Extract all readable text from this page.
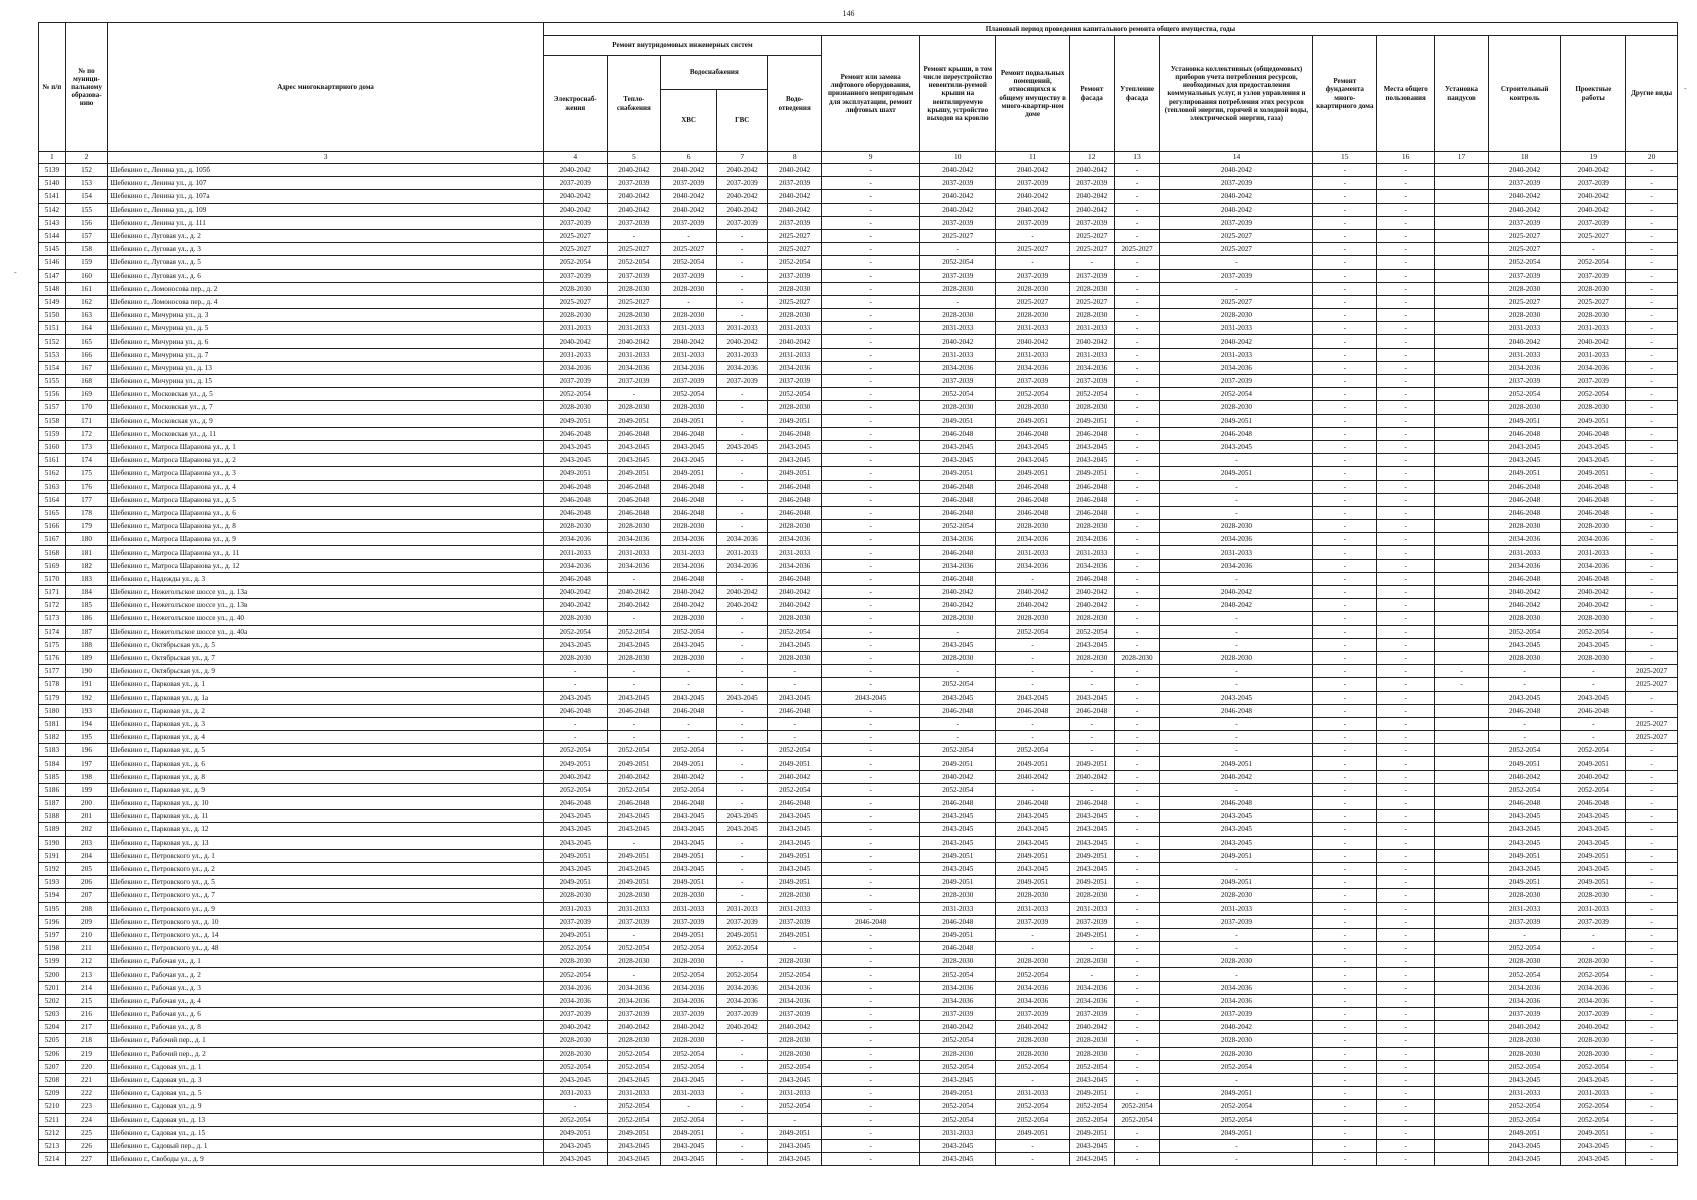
146
№ п/п	№ по муници-пальному образова-нию	Адрес многоквартирного дома	Плановый период проведения капитального ремонта общего имущества, годы																
			Ремонт внутридомовых инженерных систем					Ремонт или замена лифтового оборудования, признанного непригодным для эксплуатации, ремонт лифтовых шахт	Ремонт крыши, в том числе переустройство невентили-руемой крыши на вентилируемую крышу, устройство выходов на кровлю	Ремонт подвальных помещений, относящихся к общему имуществу в много-квартир-ном доме	Ремонт фасада	Утепление фасада	Установка коллективных (общедомовых) приборов учета потребления ресурсов, необходимых для предоставления коммунальных услуг, и узлов управления и регулирования потребления этих ресурсов (тепловой энергии, горячей и холодной воды, электрической энергии, газа)	Ремонт фундамента много-квартирного дома	Места общего пользования	Установка пандусов	Строительный контроль	Проектные работы	Другие виды
			Электроснаб-жения	Тепло-снабжения	Водоснабжения		Водо-отведения												
					ХВС	ГВС													
1	2	3	4	5	6	7	8	9	10	11	12	13	14	15	16	17	18	19	20
5139	152	Шебекино г., Ленина ул., д. 105б	2040-2042	2040-2042	2040-2042	2040-2042	2040-2042	-	2040-2042	2040-2042	2040-2042	-	2040-2042	-	-		2040-2042	2040-2042	-
5140	153	Шебекино г., Ленина ул., д. 107	2037-2039	2037-2039	2037-2039	2037-2039	2037-2039	-	2037-2039	2037-2039	2037-2039	-	2037-2039	-	-		2037-2039	2037-2039	-
5141	154	Шебекино г., Ленина ул., д. 107а	2040-2042	2040-2042	2040-2042	2040-2042	2040-2042	-	2040-2042	2040-2042	2040-2042	-	2040-2042	-	-		2040-2042	2040-2042	-
5142	155	Шебекино г., Ленина ул., д. 109	2040-2042	2040-2042	2040-2042	2040-2042	2040-2042	-	2040-2042	2040-2042	2040-2042	-	2040-2042	-	-		2040-2042	2040-2042	-
5143	156	Шебекино г., Ленина ул., д. 111	2037-2039	2037-2039	2037-2039	2037-2039	2037-2039	-	2037-2039	2037-2039	2037-2039	-	2037-2039	-	-		2037-2039	2037-2039	-
5144	157	Шебекино г., Луговая ул., д. 2	2025-2027	-	-	-	2025-2027	-	2025-2027	-	2025-2027	-	2025-2027	-	-		2025-2027	2025-2027	-
5145	158	Шебекино г., Луговая ул., д. 3	2025-2027	2025-2027	2025-2027	-	2025-2027	-	-	2025-2027	2025-2027	2025-2027	2025-2027	-	-		2025-2027	-	-
5146	159	Шебекино г., Луговая ул., д. 5	2052-2054	2052-2054	2052-2054	-	2052-2054	-	2052-2054	-	-	-	-	-	-		2052-2054	2052-2054	-
5147	160	Шебекино г., Луговая ул., д. 6	2037-2039	2037-2039	2037-2039	-	2037-2039	-	2037-2039	2037-2039	2037-2039	-	2037-2039	-	-		2037-2039	2037-2039	-
5148	161	Шебекино г., Ломоносова пер., д. 2	2028-2030	2028-2030	2028-2030	-	2028-2030	-	2028-2030	2028-2030	2028-2030	-	-	-	-		2028-2030	2028-2030	-
5149	162	Шебекино г., Ломоносова пер., д. 4	2025-2027	2025-2027	-	-	2025-2027	-	-	2025-2027	2025-2027	-	2025-2027	-	-		2025-2027	2025-2027	-
5150	163	Шебекино г., Мичурина ул., д. 3	2028-2030	2028-2030	2028-2030	-	2028-2030	-	2028-2030	2028-2030	2028-2030	-	2028-2030	-	-		2028-2030	2028-2030	-
5151	164	Шебекино г., Мичурина ул., д. 5	2031-2033	2031-2033	2031-2033	2031-2033	2031-2033	-	2031-2033	2031-2033	2031-2033	-	2031-2033	-	-		2031-2033	2031-2033	-
5152	165	Шебекино г., Мичурина ул., д. 6	2040-2042	2040-2042	2040-2042	2040-2042	2040-2042	-	2040-2042	2040-2042	2040-2042	-	2040-2042	-	-		2040-2042	2040-2042	-
5153	166	Шебекино г., Мичурина ул., д. 7	2031-2033	2031-2033	2031-2033	2031-2033	2031-2033	-	2031-2033	2031-2033	2031-2033	-	2031-2033	-	-		2031-2033	2031-2033	-
5154	167	Шебекино г., Мичурина ул., д. 13	2034-2036	2034-2036	2034-2036	2034-2036	2034-2036	-	2034-2036	2034-2036	2034-2036	-	2034-2036	-	-		2034-2036	2034-2036	-
5155	168	Шебекино г., Мичурина ул., д. 15	2037-2039	2037-2039	2037-2039	2037-2039	2037-2039	-	2037-2039	2037-2039	2037-2039	-	2037-2039	-	-		2037-2039	2037-2039	-
5156	169	Шебекино г., Московская ул., д. 5	2052-2054	-	2052-2054	-	2052-2054	-	2052-2054	2052-2054	2052-2054	-	2052-2054	-	-		2052-2054	2052-2054	-
5157	170	Шебекино г., Московская ул., д. 7	2028-2030	2028-2030	2028-2030	-	2028-2030	-	2028-2030	2028-2030	2028-2030	-	2028-2030	-	-		2028-2030	2028-2030	-
5158	171	Шебекино г., Московская ул., д. 9	2049-2051	2049-2051	2049-2051	-	2049-2051	-	2049-2051	2049-2051	2049-2051	-	2049-2051	-	-		2049-2051	2049-2051	-
5159	172	Шебекино г., Московская ул., д. 11	2046-2048	2046-2048	2046-2048	-	2046-2048	-	2046-2048	2046-2048	2046-2048	-	2046-2048	-	-		2046-2048	2046-2048	-
5160	173	Шебекино г., Матроса Шаранова ул., д. 1	2043-2045	2043-2045	2043-2045	2043-2045	2043-2045	-	2043-2045	2043-2045	2043-2045	-	2043-2045	-	-		2043-2045	2043-2045	-
5161	174	Шебекино г., Матроса Шаранова ул., д. 2	2043-2045	2043-2045	2043-2045	-	2043-2045	-	2043-2045	2043-2045	2043-2045	-	-	-	-		2043-2045	2043-2045	-
5162	175	Шебекино г., Матроса Шаранова ул., д. 3	2049-2051	2049-2051	2049-2051	-	2049-2051	-	2049-2051	2049-2051	2049-2051	-	2049-2051	-	-		2049-2051	2049-2051	-
5163	176	Шебекино г., Матроса Шаранова ул., д. 4	2046-2048	2046-2048	2046-2048	-	2046-2048	-	2046-2048	2046-2048	2046-2048	-	-	-	-		2046-2048	2046-2048	-
5164	177	Шебекино г., Матроса Шаранова ул., д. 5	2046-2048	2046-2048	2046-2048	-	2046-2048	-	2046-2048	2046-2048	2046-2048	-	-	-	-		2046-2048	2046-2048	-
5165	178	Шебекино г., Матроса Шаранова ул., д. 6	2046-2048	2046-2048	2046-2048	-	2046-2048	-	2046-2048	2046-2048	2046-2048	-	-	-	-		2046-2048	2046-2048	-
5166	179	Шебекино г., Матроса Шаранова ул., д. 8	2028-2030	2028-2030	2028-2030	-	2028-2030	-	2052-2054	2028-2030	2028-2030	-	2028-2030	-	-		2028-2030	2028-2030	-
5167	180	Шебекино г., Матроса Шаранова ул., д. 9	2034-2036	2034-2036	2034-2036	2034-2036	2034-2036	-	2034-2036	2034-2036	2034-2036	-	2034-2036	-	-		2034-2036	2034-2036	-
5168	181	Шебекино г., Матроса Шаранова ул., д. 11	2031-2033	2031-2033	2031-2033	2031-2033	2031-2033	-	2046-2048	2031-2033	2031-2033	-	2031-2033	-	-		2031-2033	2031-2033	-
5169	182	Шебекино г., Матроса Шаранова ул., д. 12	2034-2036	2034-2036	2034-2036	2034-2036	2034-2036	-	2034-2036	2034-2036	2034-2036	-	2034-2036	-	-		2034-2036	2034-2036	-
5170	183	Шебекино г., Надежды ул., д. 3	2046-2048	-	2046-2048	-	2046-2048	-	2046-2048	-	2046-2048	-	-	-	-		2046-2048	2046-2048	-
5171	184	Шебекино г., Нежеголъское шоссе ул., д. 13а	2040-2042	2040-2042	2040-2042	2040-2042	2040-2042	-	2040-2042	2040-2042	2040-2042	-	2040-2042	-	-		2040-2042	2040-2042	-
5172	185	Шебекино г., Нежеголъское шоссе ул., д. 13в	2040-2042	2040-2042	2040-2042	2040-2042	2040-2042	-	2040-2042	2040-2042	2040-2042	-	2040-2042	-	-		2040-2042	2040-2042	-
5173	186	Шебекино г., Нежеголъское шоссе ул., д. 40	2028-2030	-	2028-2030	-	2028-2030	-	2028-2030	2028-2030	2028-2030	-	-	-	-		2028-2030	2028-2030	-
5174	187	Шебекино г., Нежеголъское шоссе ул., д. 40а	2052-2054	2052-2054	2052-2054	-	2052-2054	-	-	2052-2054	2052-2054	-	-	-	-		2052-2054	2052-2054	-
5175	188	Шебекино г., Октябрьская ул., д. 5	2043-2045	2043-2045	2043-2045	-	2043-2045	-	2043-2045	-	2043-2045	-	-	-	-		2043-2045	2043-2045	-
5176	189	Шебекино г., Октябрьская ул., д. 7	2028-2030	2028-2030	2028-2030	-	2028-2030	-	2028-2030	-	2028-2030	2028-2030	2028-2030	-	-		2028-2030	2028-2030	-
5177	190	Шебекино г., Октябрьская ул., д. 9	-	-	-	-	-	-	-	-	-	-	-	-	-	-	-	-	2025-2027
5178	191	Шебекино г., Парковая ул., д. 1	-	-	-	-	-	-	2052-2054	-	-	-	-	-	-	-	-	-	2025-2027
5179	192	Шебекино г., Парковая ул., д. 1а	2043-2045	2043-2045	2043-2045	2043-2045	2043-2045	2043-2045	2043-2045	2043-2045	2043-2045	-	2043-2045	-	-		2043-2045	2043-2045	-
5180	193	Шебекино г., Парковая ул., д. 2	2046-2048	2046-2048	2046-2048	-	2046-2048	-	2046-2048	2046-2048	2046-2048	-	2046-2048	-	-		2046-2048	2046-2048	-
5181	194	Шебекино г., Парковая ул., д. 3	-	-	-	-	-	-	-	-	-	-	-	-	-		-	-	2025-2027
5182	195	Шебекино г., Парковая ул., д. 4	-	-	-	-	-	-	-	-	-	-	-	-	-		-	-	2025-2027
5183	196	Шебекино г., Парковая ул., д. 5	2052-2054	2052-2054	2052-2054	-	2052-2054	-	2052-2054	2052-2054	-	-	-	-	-		2052-2054	2052-2054	-
5184	197	Шебекино г., Парковая ул., д. 6	2049-2051	2049-2051	2049-2051	-	2049-2051	-	2049-2051	2049-2051	2049-2051	-	2049-2051	-	-		2049-2051	2049-2051	-
5185	198	Шебекино г., Парковая ул., д. 8	2040-2042	2040-2042	2040-2042	-	2040-2042	-	2040-2042	2040-2042	2040-2042	-	2040-2042	-	-		2040-2042	2040-2042	-
5186	199	Шебекино г., Парковая ул., д. 9	2052-2054	2052-2054	2052-2054	-	2052-2054	-	2052-2054	-	-	-	-	-	-		2052-2054	2052-2054	-
5187	200	Шебекино г., Парковая ул., д. 10	2046-2048	2046-2048	2046-2048	-	2046-2048	-	2046-2048	2046-2048	2046-2048	-	2046-2048	-	-		2046-2048	2046-2048	-
5188	201	Шебекино г., Парковая ул., д. 11	2043-2045	2043-2045	2043-2045	2043-2045	2043-2045	-	2043-2045	2043-2045	2043-2045	-	2043-2045	-	-		2043-2045	2043-2045	-
5189	202	Шебекино г., Парковая ул., д. 12	2043-2045	2043-2045	2043-2045	2043-2045	2043-2045	-	2043-2045	2043-2045	2043-2045	-	2043-2045	-	-		2043-2045	2043-2045	-
5190	203	Шебекино г., Парковая ул., д. 13	2043-2045	-	2043-2045	-	2043-2045	-	2043-2045	2043-2045	2043-2045	-	2043-2045	-	-		2043-2045	2043-2045	-
5191	204	Шебекино г., Петровского ул., д. 1	2049-2051	2049-2051	2049-2051	-	2049-2051	-	2049-2051	2049-2051	2049-2051	-	2049-2051	-	-		2049-2051	2049-2051	-
5192	205	Шебекино г., Петровского ул., д. 2	2043-2045	2043-2045	2043-2045	-	2043-2045	-	2043-2045	2043-2045	2043-2045	-	-	-	-		2043-2045	2043-2045	-
5193	206	Шебекино г., Петровского ул., д. 5	2049-2051	2049-2051	2049-2051	-	2049-2051	-	2049-2051	2049-2051	2049-2051	-	2049-2051	-	-		2049-2051	2049-2051	-
5194	207	Шебекино г., Петровского ул., д. 7	2028-2030	2028-2030	2028-2030	-	2028-2030	-	2028-2030	2028-2030	2028-2030	-	2028-2030	-	-		2028-2030	2028-2030	-
5195	208	Шебекино г., Петровского ул., д. 9	2031-2033	2031-2033	2031-2033	2031-2033	2031-2033	-	2031-2033	2031-2033	2031-2033	-	2031-2033	-	-		2031-2033	2031-2033	-
5196	209	Шебекино г., Петровского ул., д. 10	2037-2039	2037-2039	2037-2039	2037-2039	2037-2039	2046-2048	2046-2048	2037-2039	2037-2039	-	2037-2039	-	-		2037-2039	2037-2039	-
5197	210	Шебекино г., Петровского ул., д. 14	2049-2051	-	2049-2051	2049-2051	2049-2051	-	2049-2051	-	2049-2051	-	-	-	-		-	-	-
5198	211	Шебекино г., Петровского ул., д. 48	2052-2054	2052-2054	2052-2054	2052-2054	-	-	2046-2048	-	-	-	-	-	-		2052-2054	-	-
5199	212	Шебекино г., Рабочая ул., д. 1	2028-2030	2028-2030	2028-2030	-	2028-2030	-	2028-2030	2028-2030	2028-2030	-	2028-2030	-	-		2028-2030	2028-2030	-
5200	213	Шебекино г., Рабочая ул., д. 2	2052-2054	-	2052-2054	2052-2054	2052-2054	-	2052-2054	2052-2054	-	-	-	-	-		2052-2054	2052-2054	-
5201	214	Шебекино г., Рабочая ул., д. 3	2034-2036	2034-2036	2034-2036	2034-2036	2034-2036	-	2034-2036	2034-2036	2034-2036	-	2034-2036	-	-		2034-2036	2034-2036	-
5202	215	Шебекино г., Рабочая ул., д. 4	2034-2036	2034-2036	2034-2036	2034-2036	2034-2036	-	2034-2036	2034-2036	2034-2036	-	2034-2036	-	-		2034-2036	2034-2036	-
5203	216	Шебекино г., Рабочая ул., д. 6	2037-2039	2037-2039	2037-2039	2037-2039	2037-2039	-	2037-2039	2037-2039	2037-2039	-	2037-2039	-	-		2037-2039	2037-2039	-
5204	217	Шебекино г., Рабочая ул., д. 8	2040-2042	2040-2042	2040-2042	2040-2042	2040-2042	-	2040-2042	2040-2042	2040-2042	-	2040-2042	-	-		2040-2042	2040-2042	-
5205	218	Шебекино г., Рабочий пер., д. 1	2028-2030	2028-2030	2028-2030	-	2028-2030	-	2052-2054	2028-2030	2028-2030	-	2028-2030	-	-		2028-2030	2028-2030	-
5206	219	Шебекино г., Рабочий пер., д. 2	2028-2030	2052-2054	2052-2054	-	2028-2030	-	2028-2030	2028-2030	2028-2030	-	2028-2030	-	-		2028-2030	2028-2030	-
5207	220	Шебекино г., Садовая ул., д. 1	2052-2054	2052-2054	2052-2054	-	2052-2054	-	2052-2054	2052-2054	2052-2054	-	2052-2054	-	-		2052-2054	2052-2054	-
5208	221	Шебекино г., Садовая ул., д. 3	2043-2045	2043-2045	2043-2045	-	2043-2045	-	2043-2045	-	2043-2045	-	-	-	-		2043-2045	2043-2045	-
5209	222	Шебекино г., Садовая ул., д. 5	2031-2033	2031-2033	2031-2033	-	2031-2033	-	2049-2051	2031-2033	2049-2051	-	2049-2051	-	-		2031-2033	2031-2033	-
5210	223	Шебекино г., Садовая ул., д. 9	-	2052-2054	-	-	2052-2054	-	2052-2054	2052-2054	2052-2054	2052-2054	2052-2054	-	-		2052-2054	2052-2054	-
5211	224	Шебекино г., Садовая ул., д. 13	2052-2054	2052-2054	2052-2054	-	-	-	2052-2054	2052-2054	2052-2054	2052-2054	2052-2054	-	-		2052-2054	2052-2054	-
5212	225	Шебекино г., Садовая ул., д. 15	2049-2051	2049-2051	2049-2051	-	2049-2051	-	2031-2033	2049-2051	2049-2051	-	2049-2051	-	-		2049-2051	2049-2051	-
5213	226	Шебекино г., Садовый пер., д. 1	2043-2045	2043-2045	2043-2045	-	2043-2045	-	2043-2045	-	2043-2045	-	-	-	-		2043-2045	2043-2045	-
5214	227	Шебекино г., Свободы ул., д. 9	2043-2045	2043-2045	2043-2045	-	2043-2045	-	2043-2045	-	2043-2045	-	-	-	-		2043-2045	2043-2045	-
-
-
